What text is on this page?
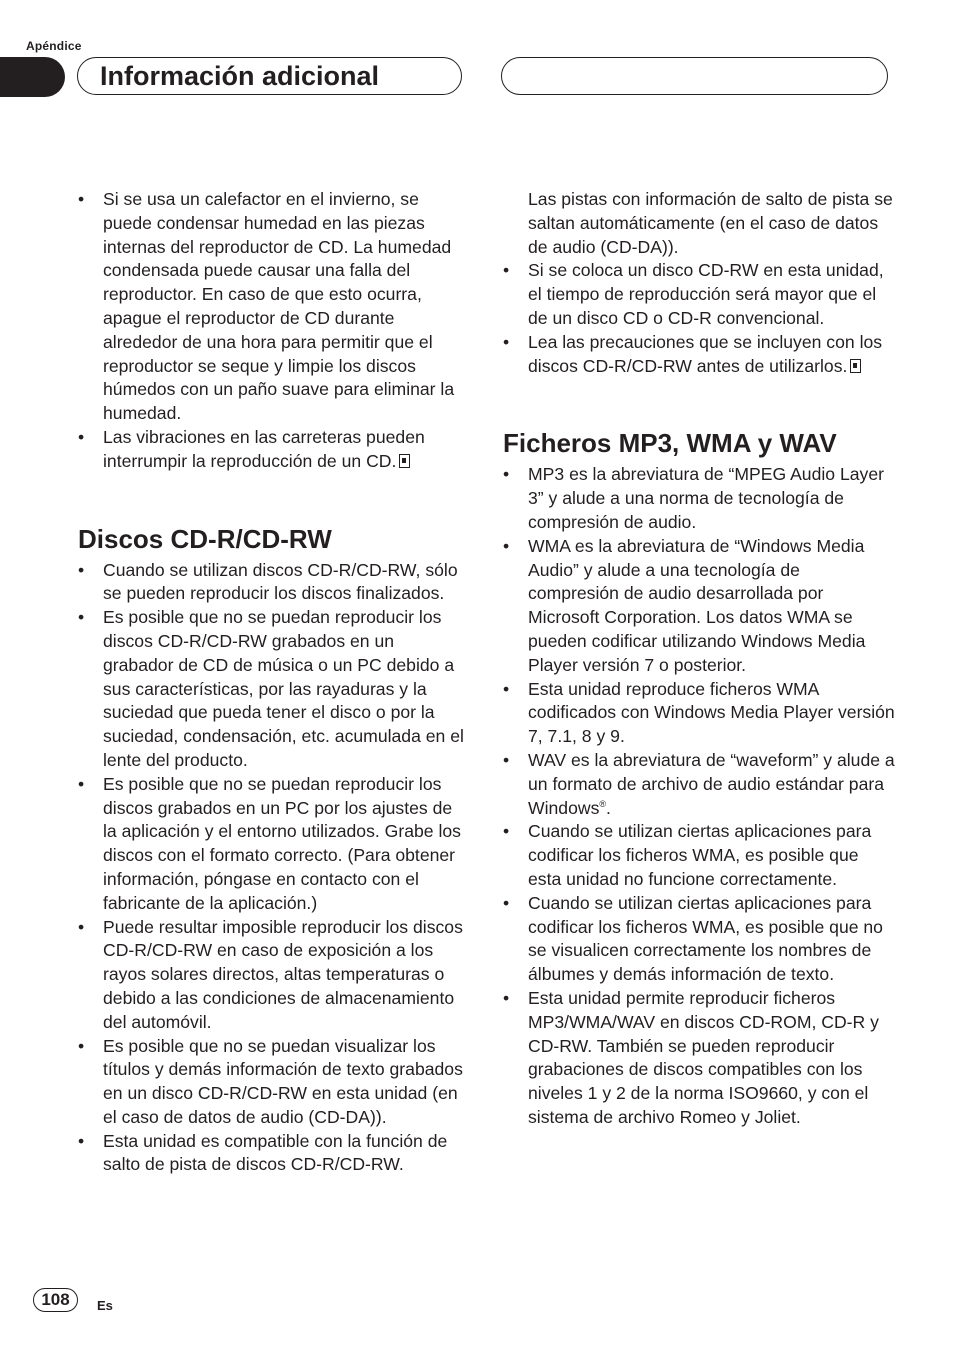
Apéndice
Información adicional
• Si se usa un calefactor en el invierno, se puede condensar humedad en las piezas internas del reproductor de CD. La humedad condensada puede causar una falla del reproductor. En caso de que esto ocurra, apague el reproductor de CD durante alrededor de una hora para permitir que el reproductor se seque y limpie los discos húmedos con un paño suave para eliminar la humedad.
• Las vibraciones en las carreteras pueden interrumpir la reproducción de un CD.
Discos CD-R/CD-RW
• Cuando se utilizan discos CD-R/CD-RW, sólo se pueden reproducir los discos finalizados.
• Es posible que no se puedan reproducir los discos CD-R/CD-RW grabados en un grabador de CD de música o un PC debido a sus características, por las rayaduras y la suciedad que pueda tener el disco o por la suciedad, condensación, etc. acumulada en el lente del producto.
• Es posible que no se puedan reproducir los discos grabados en un PC por los ajustes de la aplicación y el entorno utilizados. Grabe los discos con el formato correcto. (Para obtener información, póngase en contacto con el fabricante de la aplicación.)
• Puede resultar imposible reproducir los discos CD-R/CD-RW en caso de exposición a los rayos solares directos, altas temperaturas o debido a las condiciones de almacenamiento del automóvil.
• Es posible que no se puedan visualizar los títulos y demás información de texto grabados en un disco CD-R/CD-RW en esta unidad (en el caso de datos de audio (CD-DA)).
• Esta unidad es compatible con la función de salto de pista de discos CD-R/CD-RW.
Las pistas con información de salto de pista se saltan automáticamente (en el caso de datos de audio (CD-DA)).
• Si se coloca un disco CD-RW en esta unidad, el tiempo de reproducción será mayor que el de un disco CD o CD-R convencional.
• Lea las precauciones que se incluyen con los discos CD-R/CD-RW antes de utilizarlos.
Ficheros MP3, WMA y WAV
• MP3 es la abreviatura de “MPEG Audio Layer 3” y alude a una norma de tecnología de compresión de audio.
• WMA es la abreviatura de “Windows Media Audio” y alude a una tecnología de compresión de audio desarrollada por Microsoft Corporation. Los datos WMA se pueden codificar utilizando Windows Media Player versión 7 o posterior.
• Esta unidad reproduce ficheros WMA codificados con Windows Media Player versión 7, 7.1, 8 y 9.
• WAV es la abreviatura de “waveform” y alude a un formato de archivo de audio estándar para Windows®.
• Cuando se utilizan ciertas aplicaciones para codificar los ficheros WMA, es posible que esta unidad no funcione correctamente.
• Cuando se utilizan ciertas aplicaciones para codificar los ficheros WMA, es posible que no se visualicen correctamente los nombres de álbumes y demás información de texto.
• Esta unidad permite reproducir ficheros MP3/WMA/WAV en discos CD-ROM, CD-R y CD-RW. También se pueden reproducir grabaciones de discos compatibles con los niveles 1 y 2 de la norma ISO9660, y con el sistema de archivo Romeo y Joliet.
108	Es
